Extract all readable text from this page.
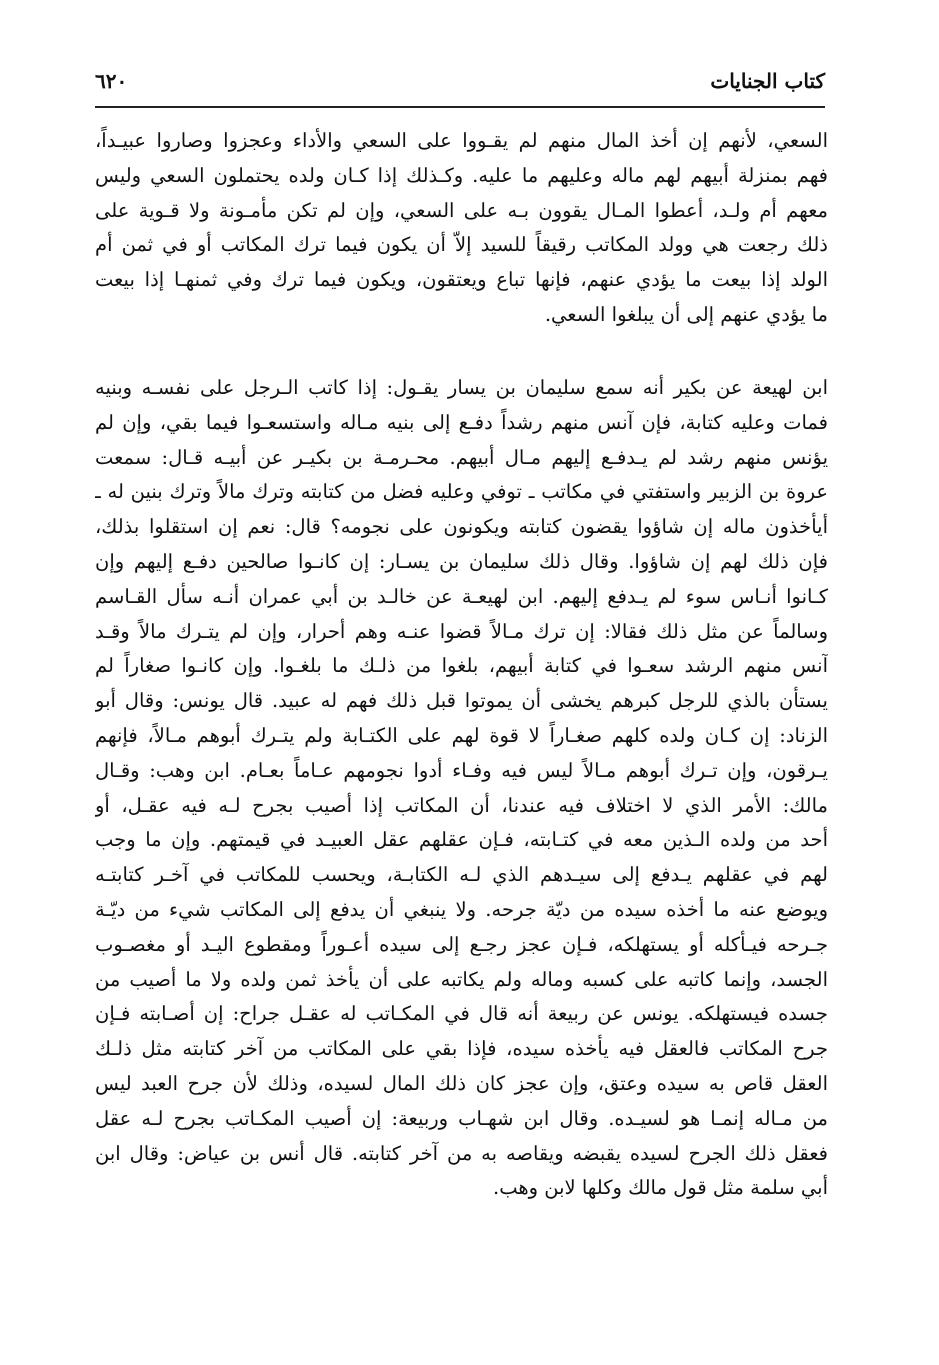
كتاب الجنايات
٦٢٠
السعي، لأنهم إن أخذ المال منهم لم يقـووا على السعي والأداء وعجزوا وصاروا عبيـداً،
فهم بمنزلة أبيهم لهم ماله وعليهم ما عليه. وكـذلك إذا كـان ولده يحتملون السعي وليس
معهم أم ولـد، أعطوا المـال يقوون بـه على السعي، وإن لم تكن مأمـونة ولا قـوية على
ذلك رجعت هي وولد المكاتب رقيقاً للسيد إلاّ أن يكون فيما ترك المكاتب أو في ثمن أم
الولد إذا بيعت ما يؤدي عنهم، فإنها تباع ويعتقون، ويكون فيما ترك وفي ثمنهـا إذا بيعت
ما يؤدي عنهم إلى أن يبلغوا السعي.
ابن لهيعة عن بكير أنه سمع سليمان بن يسار يقـول: إذا كاتب الـرجل على نفسـه وبنيه
فمات وعليه كتابة، فإن آنس منهم رشداً دفـع إلى بنيه مـاله واستسعـوا فيما بقي، وإن لم
يؤنس منهم رشد لم يـدفـع إليهم مـال أبيهم. محـرمـة بن بكيـر عن أبيـه قـال: سمعت
عروة بن الزبير واستفتي في مكاتب ـ توفي وعليه فضل من كتابته وترك مالاً وترك بنين له ـ
أيأخذون ماله إن شاؤوا يقضون كتابته ويكونون على نجومه؟ قال: نعم إن استقلوا بذلك،
فإن ذلك لهم إن شاؤوا. وقال ذلك سليمان بن يسـار: إن كانـوا صالحين دفـع إليهم وإن
كـانوا أنـاس سوء لم يـدفع إليهم. ابن لهيعـة عن خالـد بن أبي عمران أنـه سأل القـاسم
وسالماً عن مثل ذلك فقالا: إن ترك مـالاً قضوا عنـه وهم أحرار، وإن لم يتـرك مالاً وقـد
آنس منهم الرشد سعـوا في كتابة أبيهم، بلغوا من ذلـك ما بلغـوا. وإن كانـوا صغاراً لم
يستأن بالذي للرجل كبرهم يخشى أن يموتوا قبل ذلك فهم له عبيد. قال يونس: وقال أبو
الزناد: إن كـان ولده كلهم صغـاراً لا قوة لهم على الكتـابة ولم يتـرك أبوهم مـالاً، فإنهم
يـرقون، وإن تـرك أبوهم مـالاً ليس فيه وفـاء أدوا نجومهم عـاماً بعـام. ابن وهب: وقـال
مالك: الأمر الذي لا اختلاف فيه عندنا، أن المكاتب إذا أصيب بجرح لـه فيه عقـل، أو
أحد من ولده الـذين معه في كتـابته، فـإن عقلهم عقل العبيـد في قيمتهم. وإن ما وجب
لهم في عقلهم يـدفع إلى سيـدهم الذي لـه الكتابـة، ويحسب للمكاتب في آخـر كتابتـه
ويوضع عنه ما أخذه سيده من ديّة جرحه. ولا ينبغي أن يدفع إلى المكاتب شيء من ديّـة
جـرحه فيـأكله أو يستهلكه، فـإن عجز رجـع إلى سيده أعـوراً ومقطوع اليـد أو مغصـوب
الجسد، وإنما كاتبه على كسبه وماله ولم يكاتبه على أن يأخذ ثمن ولده ولا ما أصيب من
جسده فيستهلكه. يونس عن ربيعة أنه قال في المكـاتب له عقـل جراح: إن أصـابته فـإن
جرح المكاتب فالعقل فيه يأخذه سيده، فإذا بقي على المكاتب من آخر كتابته مثل ذلـك
العقل قاص به سيده وعتق، وإن عجز كان ذلك المال لسيده، وذلك لأن جرح العبد ليس
من مـاله إنمـا هو لسيـده. وقال ابن شهـاب وربيعة: إن أصيب المكـاتب بجرح لـه عقل
فعقل ذلك الجرح لسيده يقبضه ويقاصه به من آخر كتابته. قال أنس بن عياض: وقال ابن
أبي سلمة مثل قول مالك وكلها لابن وهب.
